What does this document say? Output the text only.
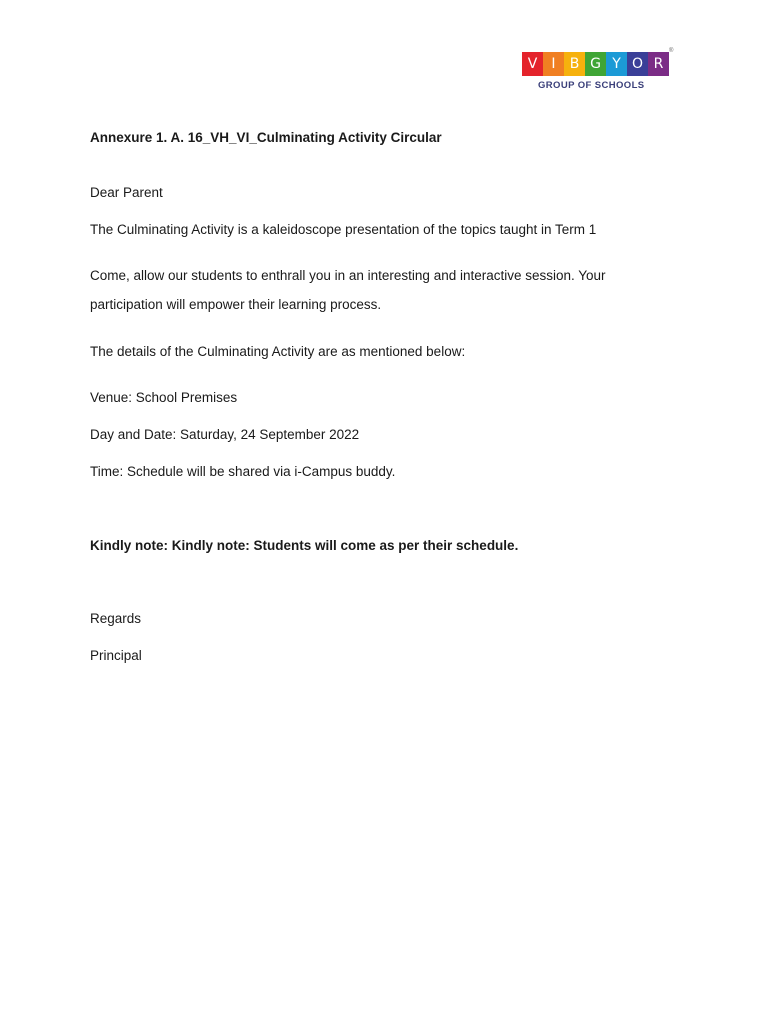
V	I	B G Y O R
®
GROUP OF SCHOOLS
Annexure 1. A. 16_VH_VI_Culminating Activity Circular
Dear Parent
The Culminating Activity is a kaleidoscope presentation of the topics taught in Term 1
Come, allow our students to enthrall you in an interesting and interactive session. Your
participation will empower their learning process.
The details of the Culminating Activity are as mentioned below:
Venue: School Premises
Day and Date: Saturday, 24 September 2022
Time: Schedule will be shared via i-Campus buddy.
Kindly note: Kindly note: Students will come as per their schedule.
Regards
Principal
